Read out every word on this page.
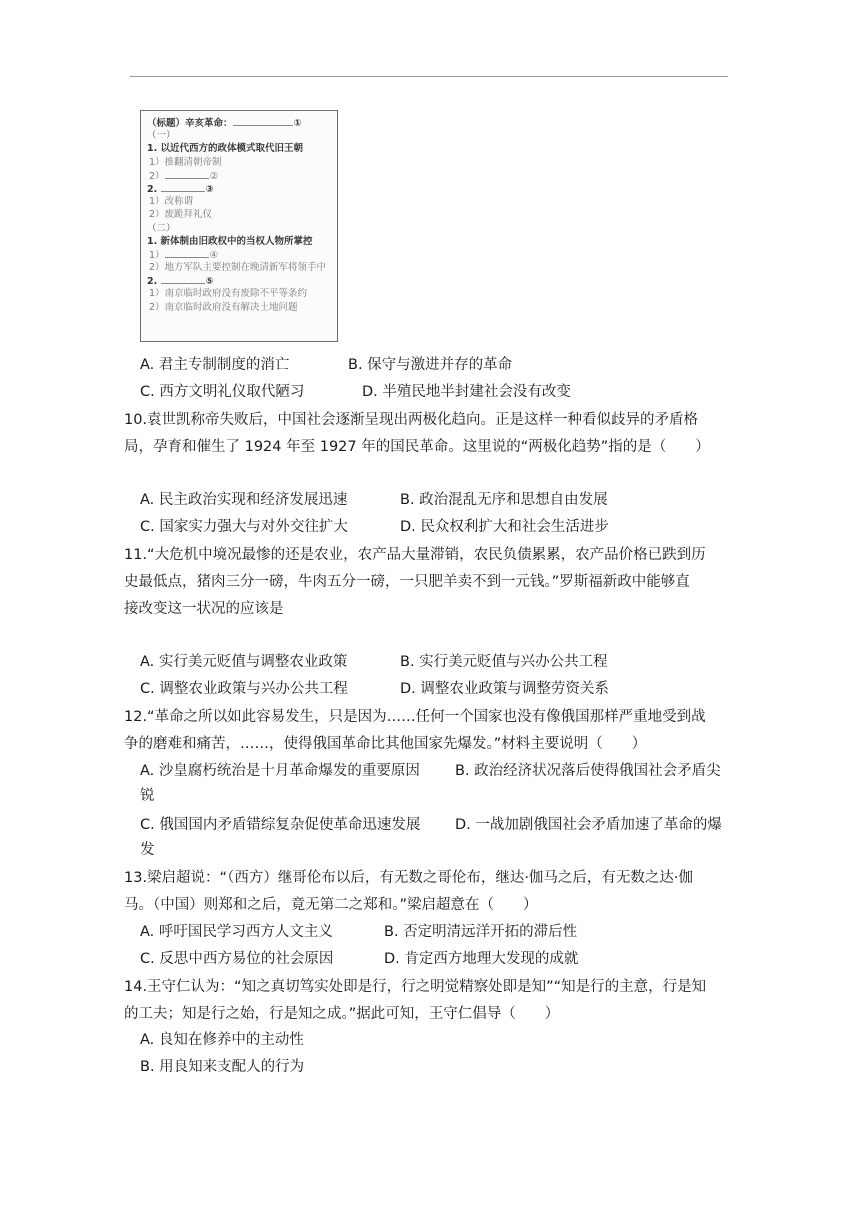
（标题）辛亥革命：	①
（一）
1. 以近代西方的政体模式取代旧王朝
1）推翻清朝帝制
2）	②
2.	③
1）改称谓
2）废跪拜礼仪
（二）
1. 新体制由旧政权中的当权人物所掌控
1）	④
2）地方军队主要控制在晚清新军将领手中
2.	⑤
1）南京临时政府没有废除不平等条约
2）南京临时政府没有解决土地问题
A. 君主专制制度的消亡	B. 保守与激进并存的革命
C. 西方文明礼仪取代陋习	D. 半殖民地半封建社会没有改变
10.袁世凯称帝失败后，中国社会逐渐呈现出两极化趋向。正是这样一种看似歧异的矛盾格
局，孕育和催生了 1924 年至 1927 年的国民革命。这里说的“两极化趋势”指的是（　　）
A. 民主政治实现和经济发展迅速	B. 政治混乱无序和思想自由发展
C. 国家实力强大与对外交往扩大	D. 民众权利扩大和社会生活进步
11.“大危机中境况最惨的还是农业，农产品大量滞销，农民负债累累，农产品价格已跌到历
史最低点，猪肉三分一磅，牛肉五分一磅，一只肥羊卖不到一元钱。”罗斯福新政中能够直
接改变这一状况的应该是
A. 实行美元贬值与调整农业政策	B. 实行美元贬值与兴办公共工程
C. 调整农业政策与兴办公共工程	D. 调整农业政策与调整劳资关系
12.“革命之所以如此容易发生，只是因为……任何一个国家也没有像俄国那样严重地受到战
争的磨难和痛苦，……，使得俄国革命比其他国家先爆发。”材料主要说明（　　）
A. 沙皇腐朽统治是十月革命爆发的重要原因 B. 政治经济状况落后使得俄国社会矛盾尖
锐
C. 俄国国内矛盾错综复杂促使革命迅速发展 D. 一战加剧俄国社会矛盾加速了革命的爆
发
13.梁启超说：“（西方）继哥伦布以后，有无数之哥伦布，继达·伽马之后，有无数之达·伽
马。（中国）则郑和之后，竟无第二之郑和。”梁启超意在（　　）
A. 呼吁国民学习西方人文主义	B. 否定明清远洋开拓的滞后性
C. 反思中西方易位的社会原因	D. 肯定西方地理大发现的成就
14.王守仁认为：“知之真切笃实处即是行，行之明觉精察处即是知”“知是行的主意，行是知
的工夫；知是行之始，行是知之成。”据此可知，王守仁倡导（　　）
A. 良知在修养中的主动性
B. 用良知来支配人的行为
